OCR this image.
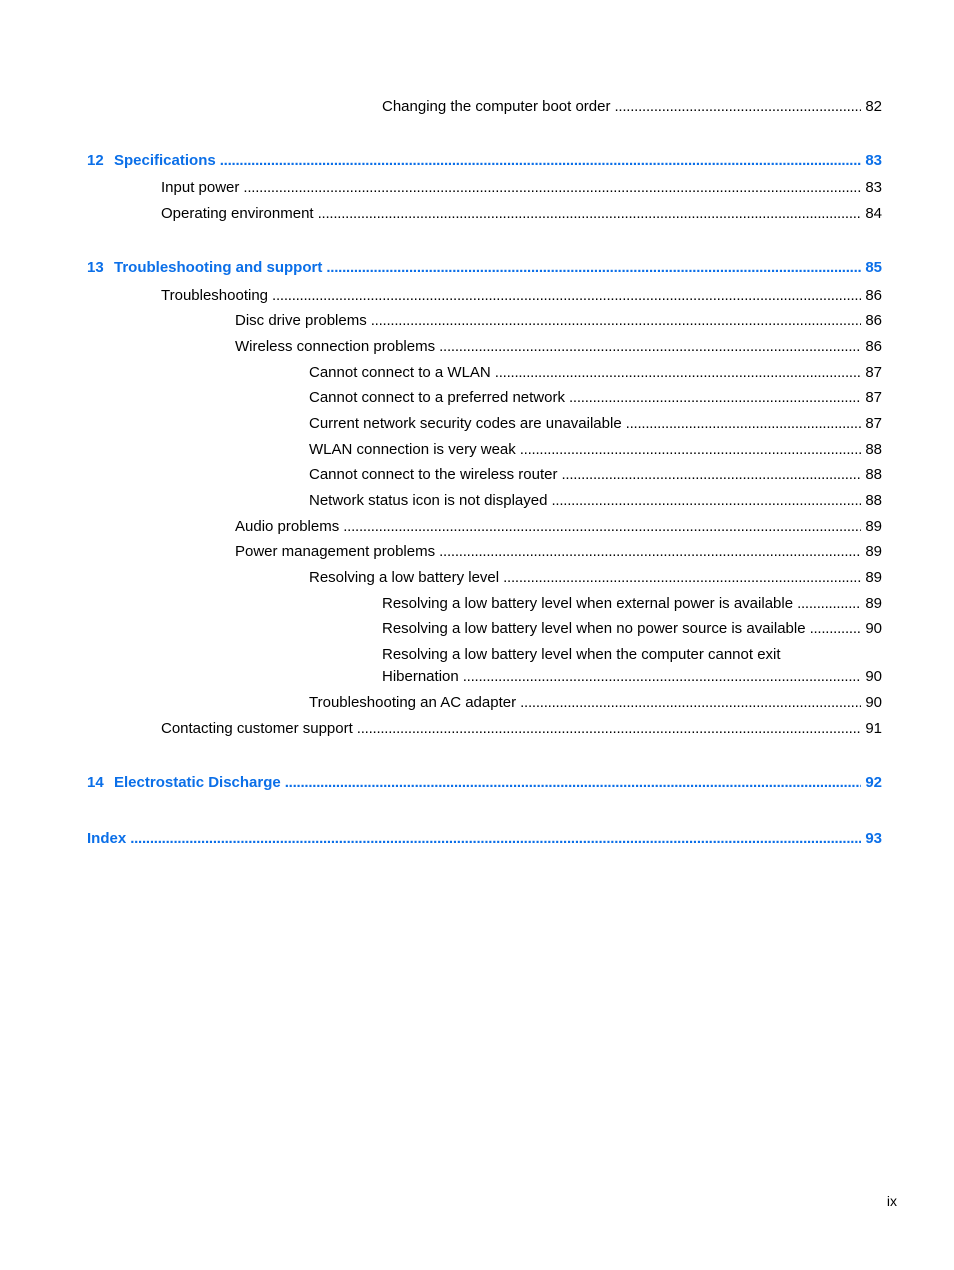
Changing the computer boot order . . .	82
12 Specifications . . .	83
Input power . . .	83
Operating environment . . .	84
13 Troubleshooting and support . . .	85
Troubleshooting . . .	86
Disc drive problems . . .	86
Wireless connection problems . . .	86
Cannot connect to a WLAN . . .	87
Cannot connect to a preferred network . . .	87
Current network security codes are unavailable . . .	87
WLAN connection is very weak . . .	88
Cannot connect to the wireless router . . .	88
Network status icon is not displayed . . .	88
Audio problems . . .	89
Power management problems . . .	89
Resolving a low battery level . . .	89
Resolving a low battery level when external power is available . . .	89
Resolving a low battery level when no power source is available . . .	90
Resolving a low battery level when the computer cannot exit
Hibernation . . .	90
Troubleshooting an AC adapter . . .	90
Contacting customer support . . .	91
14 Electrostatic Discharge . . .	92
Index . . .	93
ix
